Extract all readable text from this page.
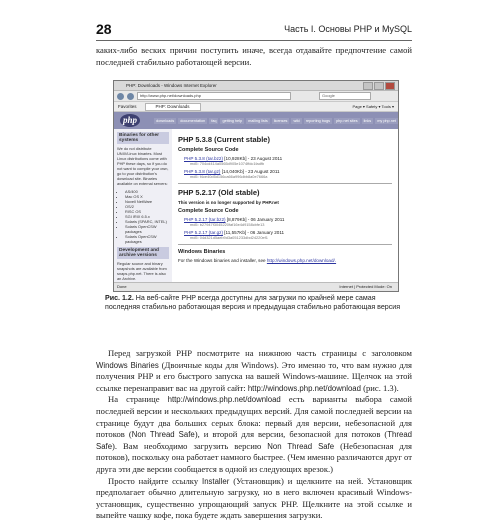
28	Часть I. Основы PHP и MySQL

каких-либо веских причин поступить иначе, всегда отдавайте предпочтение самой последней стабильно работающей версии.

PHP: Downloads - Windows Internet Explorer
http://www.php.net/downloads.php	Google
Favorites	PHP: Downloads	Page ▾ Safety ▾ Tools ▾
php	downloads	documentation	faq	getting help	mailing lists	licenses	wiki	reporting bugs	php.net sites	links	my php.net
Binaries for other systems

We do not distribute UNIX/Linux binaries. Most Linux distributions come with PHP these days, so if you do not want to compile your own, go to your distribution's download site. Binaries available on external servers:

• AS/400
• Mac OS X
• Novell NetWare
• OS/2
• RISC OS
• SGI IRIX 6.5.x
• Solaris (SPARC, INTEL)
• Solaris OpenCSW packages
• Solaris OpenCSW packages
Development and archive versions

Regular source and binary snapshots are available from snaps.php.net. There is also an Archive.

PHP 5.3.8 (Current stable)
Complete Source Code
PHP 5.3.8 (tar.bz2) [10,928Kb] - 23 August 2011
md5: 704cd414a0565d905e1074ffdc1fadfb
PHP 5.3.8 (tar.gz) [14,040Kb] - 23 August 2011
md5: f4ce40d5d156ca66a996dbb8a0e7666a
PHP 5.2.17 (Old stable)
This version is no longer supported by PHP.net
Complete Source Code
PHP 5.2.17 (tar.bz2) [8,879Kb] - 06 January 2011
md5: b27947f3045220faf16e4d9158cbfe13
PHP 5.2.17 (tar.gz) [11,557Kb] - 06 January 2011
md5: 04d321d5aeb9d3a051233dbd24220ef1
Windows Binaries
For the Windows binaries and installer, see http://windows.php.net/download/.
Done	Internet | Protected Mode: On
Рис. 1.2. На веб-сайте PHP всегда доступны для загрузки по крайней мере самая последняя стабильно работающая версия и предыдущая стабильно работающая версия

Перед загрузкой PHP посмотрите на нижнюю часть страницы с заголовком Windows Binaries (Двоичные коды для Windows). Это именно то, что вам нужно для получения PHP и его быстрого запуска на вашей Windows-машине. Щелчок на этой ссылке перенаправит вас на другой сайт: http://windows.php.net/download (рис. 1.3).

На странице http://windows.php.net/download есть варианты выбора самой последней версии и нескольких предыдущих версий. Для самой последней версии на странице будут два больших серых блока: первый для версии, небезопасной для потоков (Non Thread Safe), и второй для версии, безопасной для потоков (Thread Safe). Вам необходимо загрузить версию Non Thread Safe (Небезопасная для потоков), поскольку она работает намного быстрее. (Чем именно различаются друг от друга эти две версии сообщается в одной из следующих врезок.)

Просто найдите ссылку Installer (Установщик) и щелкните на ней. Установщик предполагает обычно длительную загрузку, но в него включен красивый Windows-установщик, существенно упрощающий запуск PHP. Щелкните на этой ссылке и выпейте чашку кофе, пока будете ждать завершения загрузки.
